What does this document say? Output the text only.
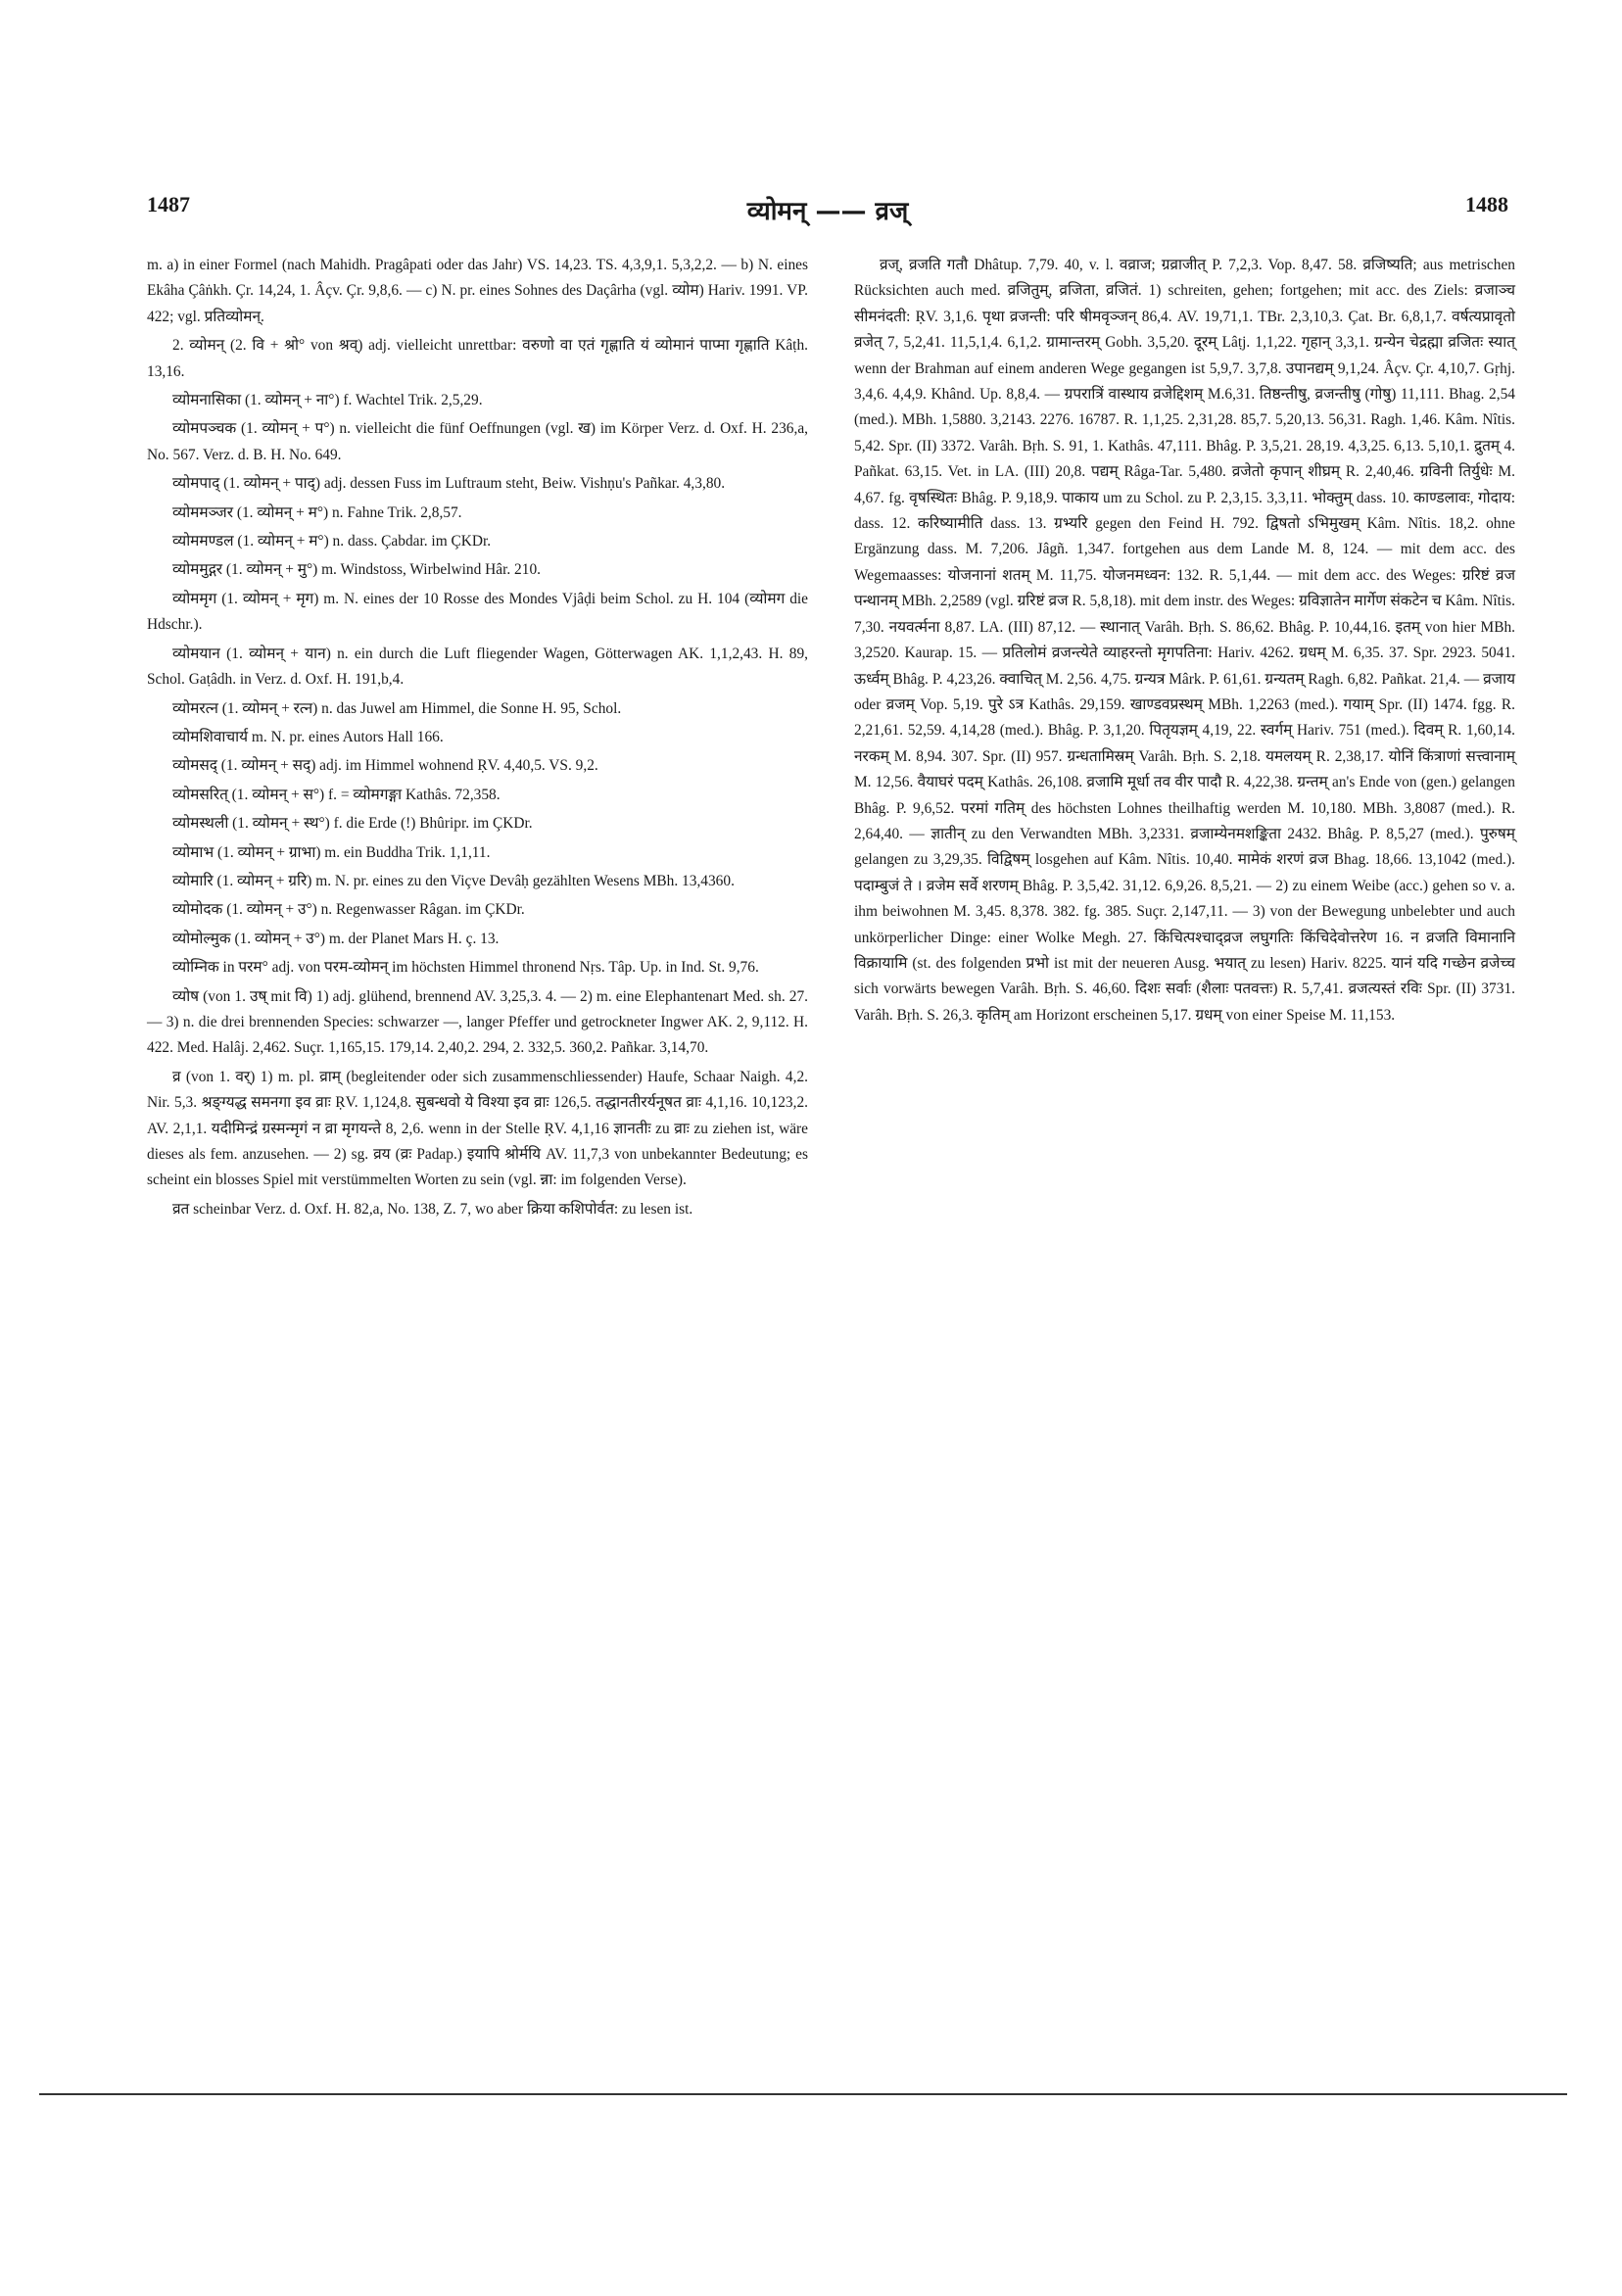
1487	व्योमन् —— व्रज्	1488

m. a) in einer Formel (nach Mahidh. Pragâpati oder das Jahr) VS. 14,23. TS. 4,3,9,1. 5,3,2,2. — b) N. eines Ekâha Çâṅkh. Çr. 14,24, 1. Âçv. Çr. 9,8,6. — c) N. pr. eines Sohnes des Daçârha (vgl. व्योम) Hariv. 1991. VP. 422; vgl. प्रतिव्योमन्.

2. व्योमन् (2. वि + श्रो° von श्रव्) adj. vielleicht unrettbar: वरुणो वा एतं गृह्णाति यं व्योमानं पाप्मा गृह्णाति Kâṭh. 13,16.

व्योमनासिका (1. व्योमन् + ना°) f. Wachtel Trik. 2,5,29.

व्योमपञ्चक (1. व्योमन् + प°) n. vielleicht die fünf Oeffnungen (vgl. ख) im Körper Verz. d. Oxf. H. 236,a, No. 567. Verz. d. B. H. No. 649.

व्योमपाद् (1. व्योमन् + पाद्) adj. dessen Fuss im Luftraum steht, Beiw. Vishṇu's Pañkar. 4,3,80.

व्योममञ्जर (1. व्योमन् + म°) n. Fahne Trik. 2,8,57.

व्योममण्डल (1. व्योमन् + म°) n. dass. Çabdar. im ÇKDr.

व्योममुद्गर (1. व्योमन् + मु°) m. Windstoss, Wirbelwind Hâr. 210.

व्योममृग (1. व्योमन् + मृग) m. N. eines der 10 Rosse des Mondes Vjâḍi beim Schol. zu H. 104 (व्योमग die Hdschr.).

व्योमयान (1. व्योमन् + यान) n. ein durch die Luft fliegender Wagen, Götterwagen AK. 1,1,2,43. H. 89, Schol. Gaṭâdh. in Verz. d. Oxf. H. 191,b,4.

व्योमरत्न (1. व्योमन् + रत्न) n. das Juwel am Himmel, die Sonne H. 95, Schol.

व्योमशिवाचार्य m. N. pr. eines Autors Hall 166.

व्योमसद् (1. व्योमन् + सद्) adj. im Himmel wohnend ṚV. 4,40,5. VS. 9,2.

व्योमसरित् (1. व्योमन् + स°) f. = व्योमगङ्गा Kathâs. 72,358.

व्योमस्थली (1. व्योमन् + स्थ°) f. die Erde (!) Bhûripr. im ÇKDr.

व्योमाभ (1. व्योमन् + ग्राभा) m. ein Buddha Trik. 1,1,11.

व्योमारि (1. व्योमन् + ग्ररि) m. N. pr. eines zu den Viçve Devâḥ gezählten Wesens MBh. 13,4360.

व्योमोदक (1. व्योमन् + उ°) n. Regenwasser Râgan. im ÇKDr.

व्योमोल्मुक (1. व्योमन् + उ°) m. der Planet Mars H. ç. 13.

व्योम्निक in परम° adj. von परम-व्योमन् im höchsten Himmel thronend Nṛs. Tâp. Up. in Ind. St. 9,76.

व्योष (von 1. उष् mit वि) 1) adj. glühend, brennend AV. 3,25,3. 4. — 2) m. eine Elephantenart Med. sh. 27. — 3) n. die drei brennenden Species: schwarzer —, langer Pfeffer und getrockneter Ingwer AK. 2, 9,112. H. 422. Med. Halâj. 2,462. Suçr. 1,165,15. 179,14. 2,40,2. 294, 2. 332,5. 360,2. Pañkar. 3,14,70.

व्र (von 1. वर्) 1) m. pl. व्राम् (begleitender oder sich zusammenschliessender) Haufe, Schaar Naigh. 4,2. Nir. 5,3. श्रङ्ग्यद्ध समनगा इव व्राः ṚV. 1,124,8. सुबन्धवो ये विश्या इव व्राः 126,5. तद्धानतीरर्यनूषत व्राः 4,1,16. 10,123,2. AV. 2,1,1. यदीमिन्द्रं ग्रस्मन्मृगं न व्रा मृगयन्ते 8, 2,6. wenn in der Stelle ṚV. 4,1,16 ज्ञानतीः zu व्राः zu ziehen ist, wäre dieses als fem. anzusehen. — 2) sg. व्रय (व्रः Padap.) इयापि श्रोर्मयि AV. 11,7,3 von unbekannter Bedeutung; es scheint ein blosses Spiel mit verstümmelten Worten zu sein (vgl. न्ना: im folgenden Verse).

व्रत scheinbar Verz. d. Oxf. H. 82,a, No. 138, Z. 7, wo aber क्रिया कशिपोर्वत: zu lesen ist.

व्रज्, व्रजति गतौ Dhâtup. 7,79. 40, v. l. वव्राज; ग्रव्राजीत् P. 7,2,3. Vop. 8,47. 58. व्रजिष्यति; aus metrischen Rücksichten auch med. व्रजितुम्, व्रजिता, व्रजितं. 1) schreiten, gehen; fortgehen; mit acc. des Ziels: व्रजाञ्च सीमनंदती: ṚV. 3,1,6. पृथा व्रजन्ती: परि षीमवृञ्जन् 86,4. AV. 19,71,1. TBr. 2,3,10,3. Çat. Br. 6,8,1,7. वर्षत्यप्रावृतो व्रजेत् 7, 5,2,41. 11,5,1,4. 6,1,2. ग्रामान्तरम् Gobh. 3,5,20. दूरम् Lâṭj. 1,1,22. गृहान् 3,3,1. ग्रन्येन चेद्रह्मा व्रजितः स्यात् wenn der Brahman auf einem anderen Wege gegangen ist 5,9,7. 3,7,8. उपानद्यम् 9,1,24. Âçv. Çr. 4,10,7. Gṛhj. 3,4,6. 4,4,9. Khând. Up. 8,8,4. — ग्रपरात्रिं वास्थाय व्रजेद्दिशम् M.6,31. तिष्ठन्तीषु, व्रजन्तीषु (गोषु) 11,111. Bhag. 2,54 (med.). MBh. 1,5880. 3,2143. 2276. 16787. R. 1,1,25. 2,31,28. 85,7. 5,20,13. 56,31. Ragh. 1,46. Kâm. Nîtis. 5,42. Spr. (II) 3372. Varâh. Bṛh. S. 91, 1. Kathâs. 47,111. Bhâg. P. 3,5,21. 28,19. 4,3,25. 6,13. 5,10,1. द्रुतम् 4. Pañkat. 63,15. Vet. in LA. (III) 20,8. पद्यम् Râga-Tar. 5,480. व्रजेतो कृपान् शीघ्रम् R. 2,40,46. ग्रविनी तिर्युधेः M. 4,67. fg. वृषस्थितः Bhâg. P. 9,18,9. पाकाय um zu Schol. zu P. 2,3,15. 3,3,11. भोक्तुम् dass. 10. काण्डलावः, गोदाय: dass. 12. करिष्यामीति dass. 13. ग्रभ्यरि gegen den Feind H. 792. द्विषतो ऽभिमुखम् Kâm. Nîtis. 18,2. ohne Ergänzung dass. M. 7,206. Jâgñ. 1,347. fortgehen aus dem Lande M. 8, 124. — mit dem acc. des Wegemaasses: योजनानां शतम् M. 11,75. योजनमध्वन: 132. R. 5,1,44. — mit dem acc. des Weges: ग्ररिष्टं व्रज पन्थानम् MBh. 2,2589 (vgl. ग्ररिष्टं व्रज R. 5,8,18). mit dem instr. des Weges: ग्रविज्ञातेन मार्गेण संकटेन च Kâm. Nîtis. 7,30. नयवर्त्मना 8,87. LA. (III) 87,12. — स्थानात् Varâh. Bṛh. S. 86,62. Bhâg. P. 10,44,16. इतम् von hier MBh. 3,2520. Kaurap. 15. — प्रतिलोमं व्रजन्त्येते व्याहरन्तो मृगपतिना: Hariv. 4262. ग्रधम् M. 6,35. 37. Spr. 2923. 5041. ऊर्ध्वम् Bhâg. P. 4,23,26. क्वाचित् M. 2,56. 4,75. ग्रन्यत्र Mârk. P. 61,61. ग्रन्यतम् Ragh. 6,82. Pañkat. 21,4. — व्रजाय oder व्रजम् Vop. 5,19. पुरे ऽत्र Kathâs. 29,159. खाण्डवप्रस्थम् MBh. 1,2263 (med.). गयाम् Spr. (II) 1474. fgg. R. 2,21,61. 52,59. 4,14,28 (med.). Bhâg. P. 3,1,20. पितृयज्ञम् 4,19, 22. स्वर्गम् Hariv. 751 (med.). दिवम् R. 1,60,14. नरकम् M. 8,94. 307. Spr. (II) 957. ग्रन्धतामिस्रम् Varâh. Bṛh. S. 2,18. यमलयम् R. 2,38,17. योनिं किंत्राणां सत्त्वानाम् M. 12,56. वैयाघरं पदम् Kathâs. 26,108. व्रजामि मूर्धा तव वीर पादौ R. 4,22,38. ग्रन्तम् an's Ende von (gen.) gelangen Bhâg. P. 9,6,52. परमां गतिम् des höchsten Lohnes theilhaftig werden M. 10,180. MBh. 3,8087 (med.). R. 2,64,40. — ज्ञातीन् zu den Verwandten MBh. 3,2331. व्रजाम्येनमशङ्किता 2432. Bhâg. P. 8,5,27 (med.). पुरुषम् gelangen zu 3,29,35. विद्विषम् losgehen auf Kâm. Nîtis. 10,40. मामेकं शरणं व्रज Bhag. 18,66. 13,1042 (med.). पदाम्बुजं ते । व्रजेम सर्वे शरणम् Bhâg. P. 3,5,42. 31,12. 6,9,26. 8,5,21. — 2) zu einem Weibe (acc.) gehen so v. a. ihm beiwohnen M. 3,45. 8,378. 382. fg. 385. Suçr. 2,147,11. — 3) von der Bewegung unbelebter und auch unkörperlicher Dinge: einer Wolke Megh. 27. किंचित्पश्चाद्व्रज लघुगतिः किंचिदेवोत्तरेण 16. न व्रजति विमानानि विक्रायामि (st. des folgenden प्रभो ist mit der neueren Ausg. भयात् zu lesen) Hariv. 8225. यानं यदि गच्छेन व्रजेच्च sich vorwärts bewegen Varâh. Bṛh. S. 46,60. दिशः सर्वाः (शैलाः पतवत्तः) R. 5,7,41. व्रजत्यस्तं रविः Spr. (II) 3731. Varâh. Bṛh. S. 26,3. कृतिम् am Horizont erscheinen 5,17. ग्रधम् von einer Speise M. 11,153.
